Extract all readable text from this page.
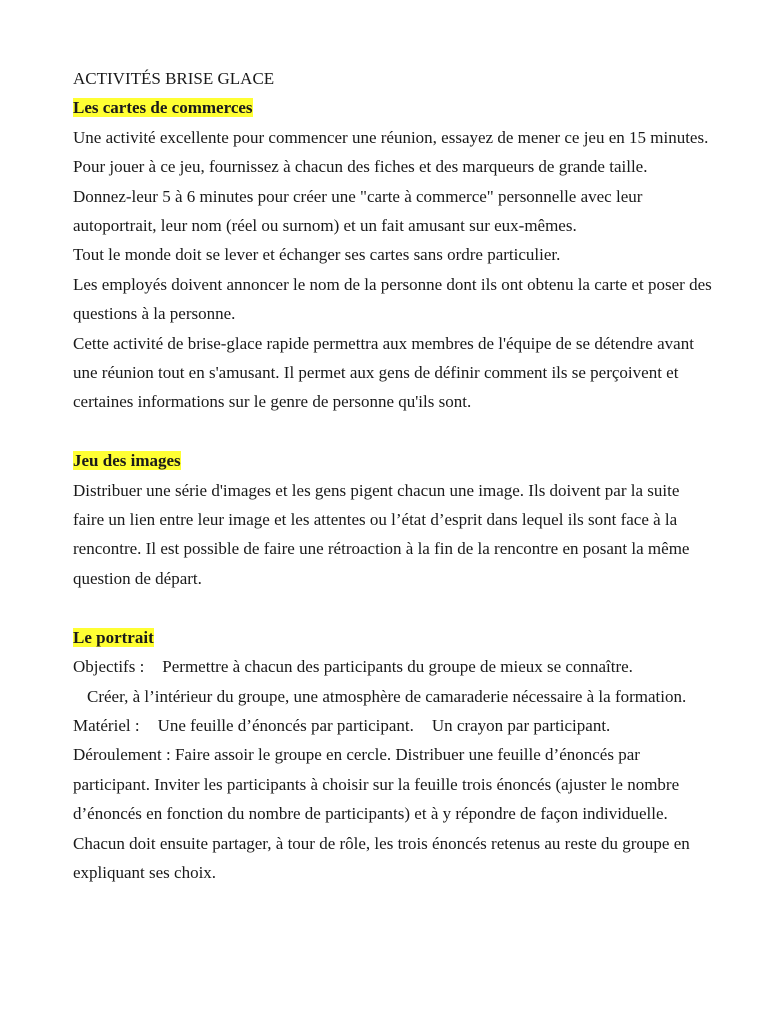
ACTIVITÉS BRISE GLACE

Les cartes de commerces

Une activité excellente pour commencer une réunion, essayez de mener ce jeu en 15 minutes.

Pour jouer à ce jeu, fournissez à chacun des fiches et des marqueurs de grande taille.

Donnez-leur 5 à 6 minutes pour créer une "carte à commerce" personnelle avec leur autoportrait, leur nom (réel ou surnom) et un fait amusant sur eux-mêmes.

Tout le monde doit se lever et échanger ses cartes sans ordre particulier.

Les employés doivent annoncer le nom de la personne dont ils ont obtenu la carte et poser des questions à la personne.

Cette activité de brise-glace rapide permettra aux membres de l'équipe de se détendre avant une réunion tout en s'amusant. Il permet aux gens de définir comment ils se perçoivent et certaines informations sur le genre de personne qu'ils sont.

Jeu des images

Distribuer une série d'images et les gens pigent chacun une image. Ils doivent par la suite faire un lien entre leur image et les attentes ou l’état d’esprit dans lequel ils sont face à la rencontre. Il est possible de faire une rétroaction à la fin de la rencontre en posant la même question de départ.

Le portrait

Objectifs : Permettre à chacun des participants du groupe de mieux se connaître.

Créer, à l’intérieur du groupe, une atmosphère de camaraderie nécessaire à la formation.

Matériel : Une feuille d’énoncés par participant. Un crayon par participant.

Déroulement : Faire assoir le groupe en cercle. Distribuer une feuille d’énoncés par participant. Inviter les participants à choisir sur la feuille trois énoncés (ajuster le nombre d’énoncés en fonction du nombre de participants) et à y répondre de façon individuelle. Chacun doit ensuite partager, à tour de rôle, les trois énoncés retenus au reste du groupe en expliquant ses choix.
